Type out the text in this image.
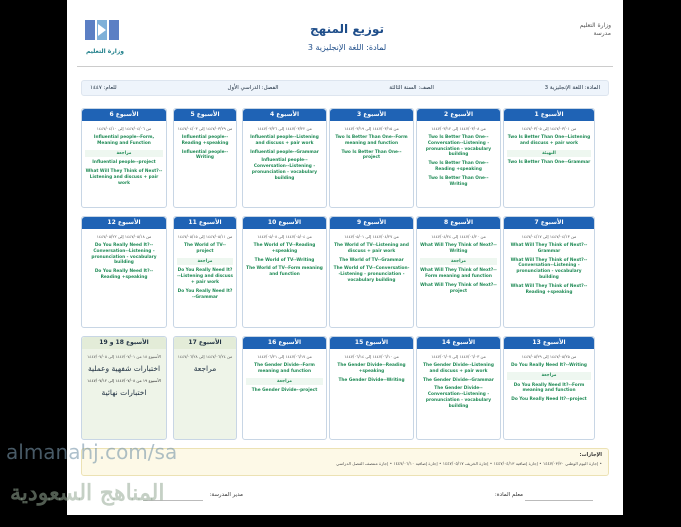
وزارة التعليم
وزارة التعليم
مدرسة
توزيع المنهج
لمادة: اللغة الإنجليزية 3
المادة: اللغة الإنجليزية 3
الصف: السنة الثالثة
الفصل: الدراسي الأول
للعام: ١٤٤٧
الأسبوع 1
من ١٤٤٧/٠٣/٠١ إلى ١٤٤٧/٠٣/٠٥
Two Is Better Than One--Listening and discuss + pair work
التهيئة
Two Is Better Than One--Grammar
الأسبوع 2
من ١٤٤٧/٠٣/٠٨ إلى ١٤٤٧/٠٣/١٢
Two Is Better Than One--Conversation--Listening - pronunciation - vocabulary building
Two Is Better Than One--Reading +speaking
Two Is Better Than One--Writing
الأسبوع 3
من ١٤٤٧/٠٣/١٥ إلى ١٤٤٧/٠٣/١٩
Two Is Better Than One--Form meaning and function
Two Is Better Than One--project
الأسبوع 4
من ١٤٤٧/٠٣/٢٢ إلى ١٤٤٧/٠٣/٢٦
Influential people--Listening and discuss + pair work
Influential people--Grammar
Influential people--Conversation--Listening - pronunciation - vocabulary building
الأسبوع 5
من ١٤٤٧/٠٣/٢٩ إلى ١٤٤٧/٠٤/٠٣
Influential people--Reading +speaking
Influential people--Writing
الأسبوع 6
من ١٤٤٧/٠٤/٠٦ إلى ١٤٤٧/٠٤/١٠
Influential people--Form, Meaning and Function
مراجعة
Influential people--project
What Will They Think of Next?--Listening and discuss + pair work
الأسبوع 7
من ١٤٤٧/٠٤/١٣ إلى ١٤٤٧/٠٤/١٧
What Will They Think of Next?--Grammar
What Will They Think of Next?--Conversation--Listening - pronunciation - vocabulary building
What Will They Think of Next?--Reading +speaking
الأسبوع 8
من ١٤٤٧/٠٤/٢٠ إلى ١٤٤٧/٠٤/٢٤
What Will They Think of Next?--Writing
مراجعة
What Will They Think of Next?--Form meaning and function
What Will They Think of Next?--project
الأسبوع 9
من ١٤٤٧/٠٤/٢٧ إلى ١٤٤٧/٠٥/٠١
The World of TV--Listening and discuss + pair work
The World of TV--Grammar
The World of TV--Conversation--Listening - pronunciation - vocabulary building
الأسبوع 10
من ١٤٤٧/٠٥/٠٤ إلى ١٤٤٧/٠٥/٠٨
The World of TV--Reading +speaking
The World of TV--Writing
The World of TV--Form meaning and function
الأسبوع 11
من ١٤٤٧/٠٥/١١ إلى ١٤٤٧/٠٥/١٥
The World of TV--project
مراجعة
Do You Really Need It?--Listening and discuss + pair work
Do You Really Need It?--Grammar
الأسبوع 12
من ١٤٤٧/٠٥/١٨ إلى ١٤٤٧/٠٥/٢٢
Do You Really Need It?--Conversation--Listening - pronunciation - vocabulary building
Do You Really Need It?--Reading +speaking
الأسبوع 13
من ١٤٤٧/٠٥/٢٥ إلى ١٤٤٧/٠٥/٢٩
Do You Really Need It?--Writing
مراجعة
Do You Really Need It?--Form meaning and function
Do You Really Need It?--project
الأسبوع 14
من ١٤٤٧/٠٦/٠٣ إلى ١٤٤٧/٠٦/٠٧
The Gender Divide--Listening and discuss + pair work
The Gender Divide--Grammar
The Gender Divide--Conversation--Listening - pronunciation - vocabulary building
الأسبوع 15
من ١٤٤٧/٠٦/١٠ إلى ١٤٤٧/٠٦/١٤
The Gender Divide--Reading +speaking
The Gender Divide--Writing
الأسبوع 16
من ١٤٤٧/٠٦/١٧ إلى ١٤٤٧/٠٦/٢١
The Gender Divide--Form meaning and function
مراجعة
The Gender Divide--project
الأسبوع 17
من ١٤٤٧/٠٦/٢٤ إلى ١٤٤٧/٠٦/٢٨
مراجعة
الأسبوع 18 و 19
الأسبوع ١٨ من ١٤٤٧/٠٧/٠١ إلى ١٤٤٧/٠٧/٠٥
اختبارات شفهية وعملية
الأسبوع ١٩ من ١٤٤٧/٠٧/٠٨ إلى ١٤٤٧/٠٧/١٢
اختبارات نهائية
الإجازات:
• إجازة اليوم الوطني ١٤٤٧/٠٣/٣٠ • إجازة إضافية ١٤٤٧/٠٤/١٣ • إجازة الخريف ١٤٤٧/٠٥/١٧ • إجازة إضافية ١٤٤٧/٠٦/١٠ • إجازة منتصف الفصل الدراسي
معلم المادة:
مدير المدرسة:
almanahj.com/sa
المناهج السعودية
